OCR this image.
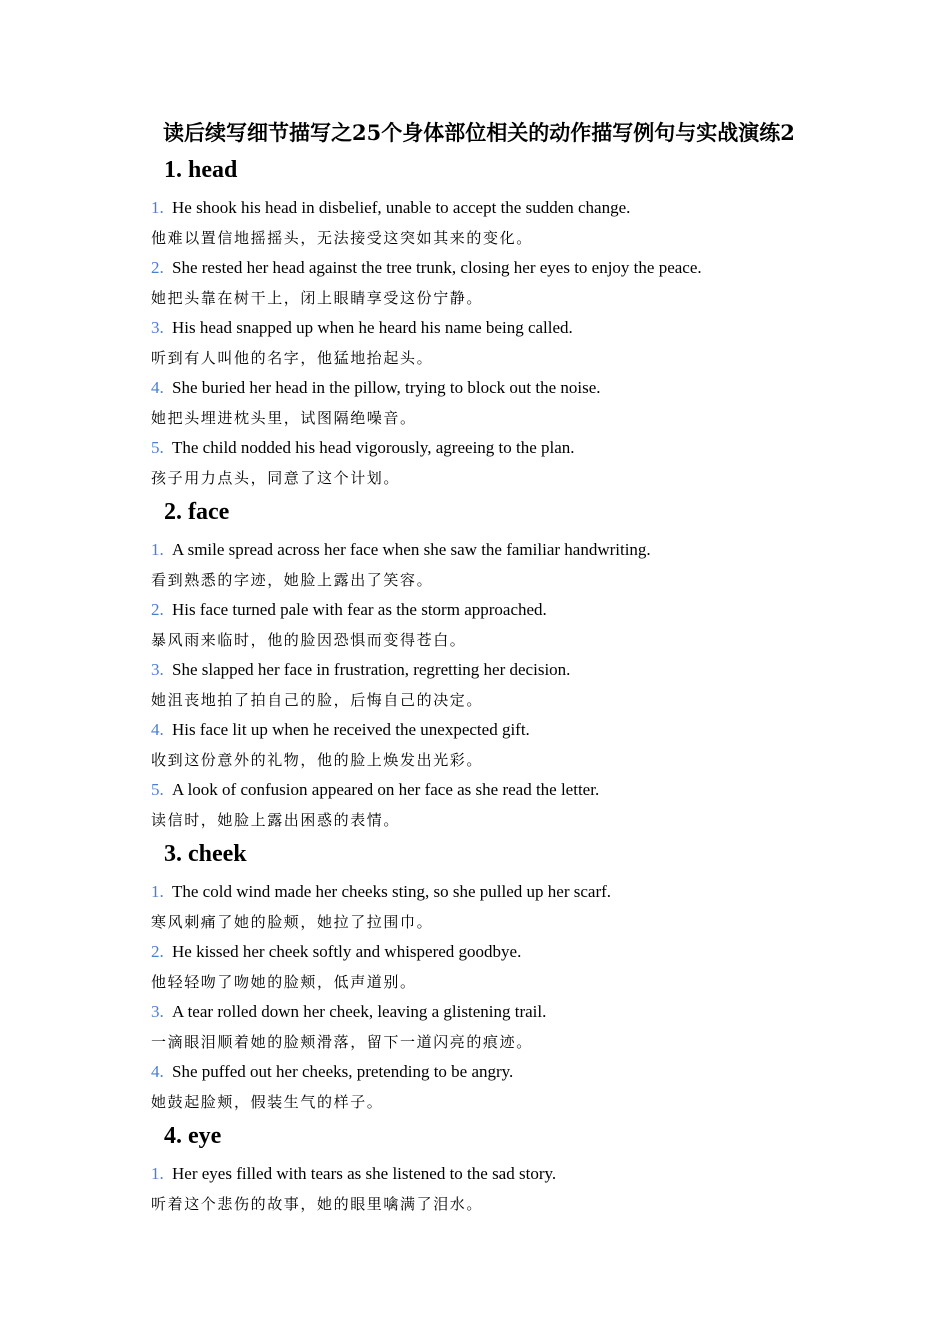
读后续写细节描写之25个身体部位相关的动作描写例句与实战演练2
1. head
1. He shook his head in disbelief, unable to accept the sudden change.
他难以置信地摇摇头，无法接受这突如其来的变化。
2. She rested her head against the tree trunk, closing her eyes to enjoy the peace.
她把头靠在树干上，闭上眼睛享受这份宁静。
3. His head snapped up when he heard his name being called.
听到有人叫他的名字，他猛地抬起头。
4. She buried her head in the pillow, trying to block out the noise.
她把头埋进枕头里，试图隔绝噪音。
5. The child nodded his head vigorously, agreeing to the plan.
孩子用力点头，同意了这个计划。
2. face
1. A smile spread across her face when she saw the familiar handwriting.
看到熟悉的字迹，她脸上露出了笑容。
2. His face turned pale with fear as the storm approached.
暴风雨来临时，他的脸因恐惧而变得苍白。
3. She slapped her face in frustration, regretting her decision.
她沮丧地拍了拍自己的脸，后悔自己的决定。
4. His face lit up when he received the unexpected gift.
收到这份意外的礼物，他的脸上焕发出光彩。
5. A look of confusion appeared on her face as she read the letter.
读信时，她脸上露出困惑的表情。
3. cheek
1. The cold wind made her cheeks sting, so she pulled up her scarf.
寒风刺痛了她的脸颊，她拉了拉围巾。
2. He kissed her cheek softly and whispered goodbye.
他轻轻吻了吻她的脸颊，低声道别。
3. A tear rolled down her cheek, leaving a glistening trail.
一滴眼泪顺着她的脸颊滑落，留下一道闪亮的痕迹。
4. She puffed out her cheeks, pretending to be angry.
她鼓起脸颊，假装生气的样子。
4. eye
1. Her eyes filled with tears as she listened to the sad story.
听着这个悲伤的故事，她的眼里噙满了泪水。
